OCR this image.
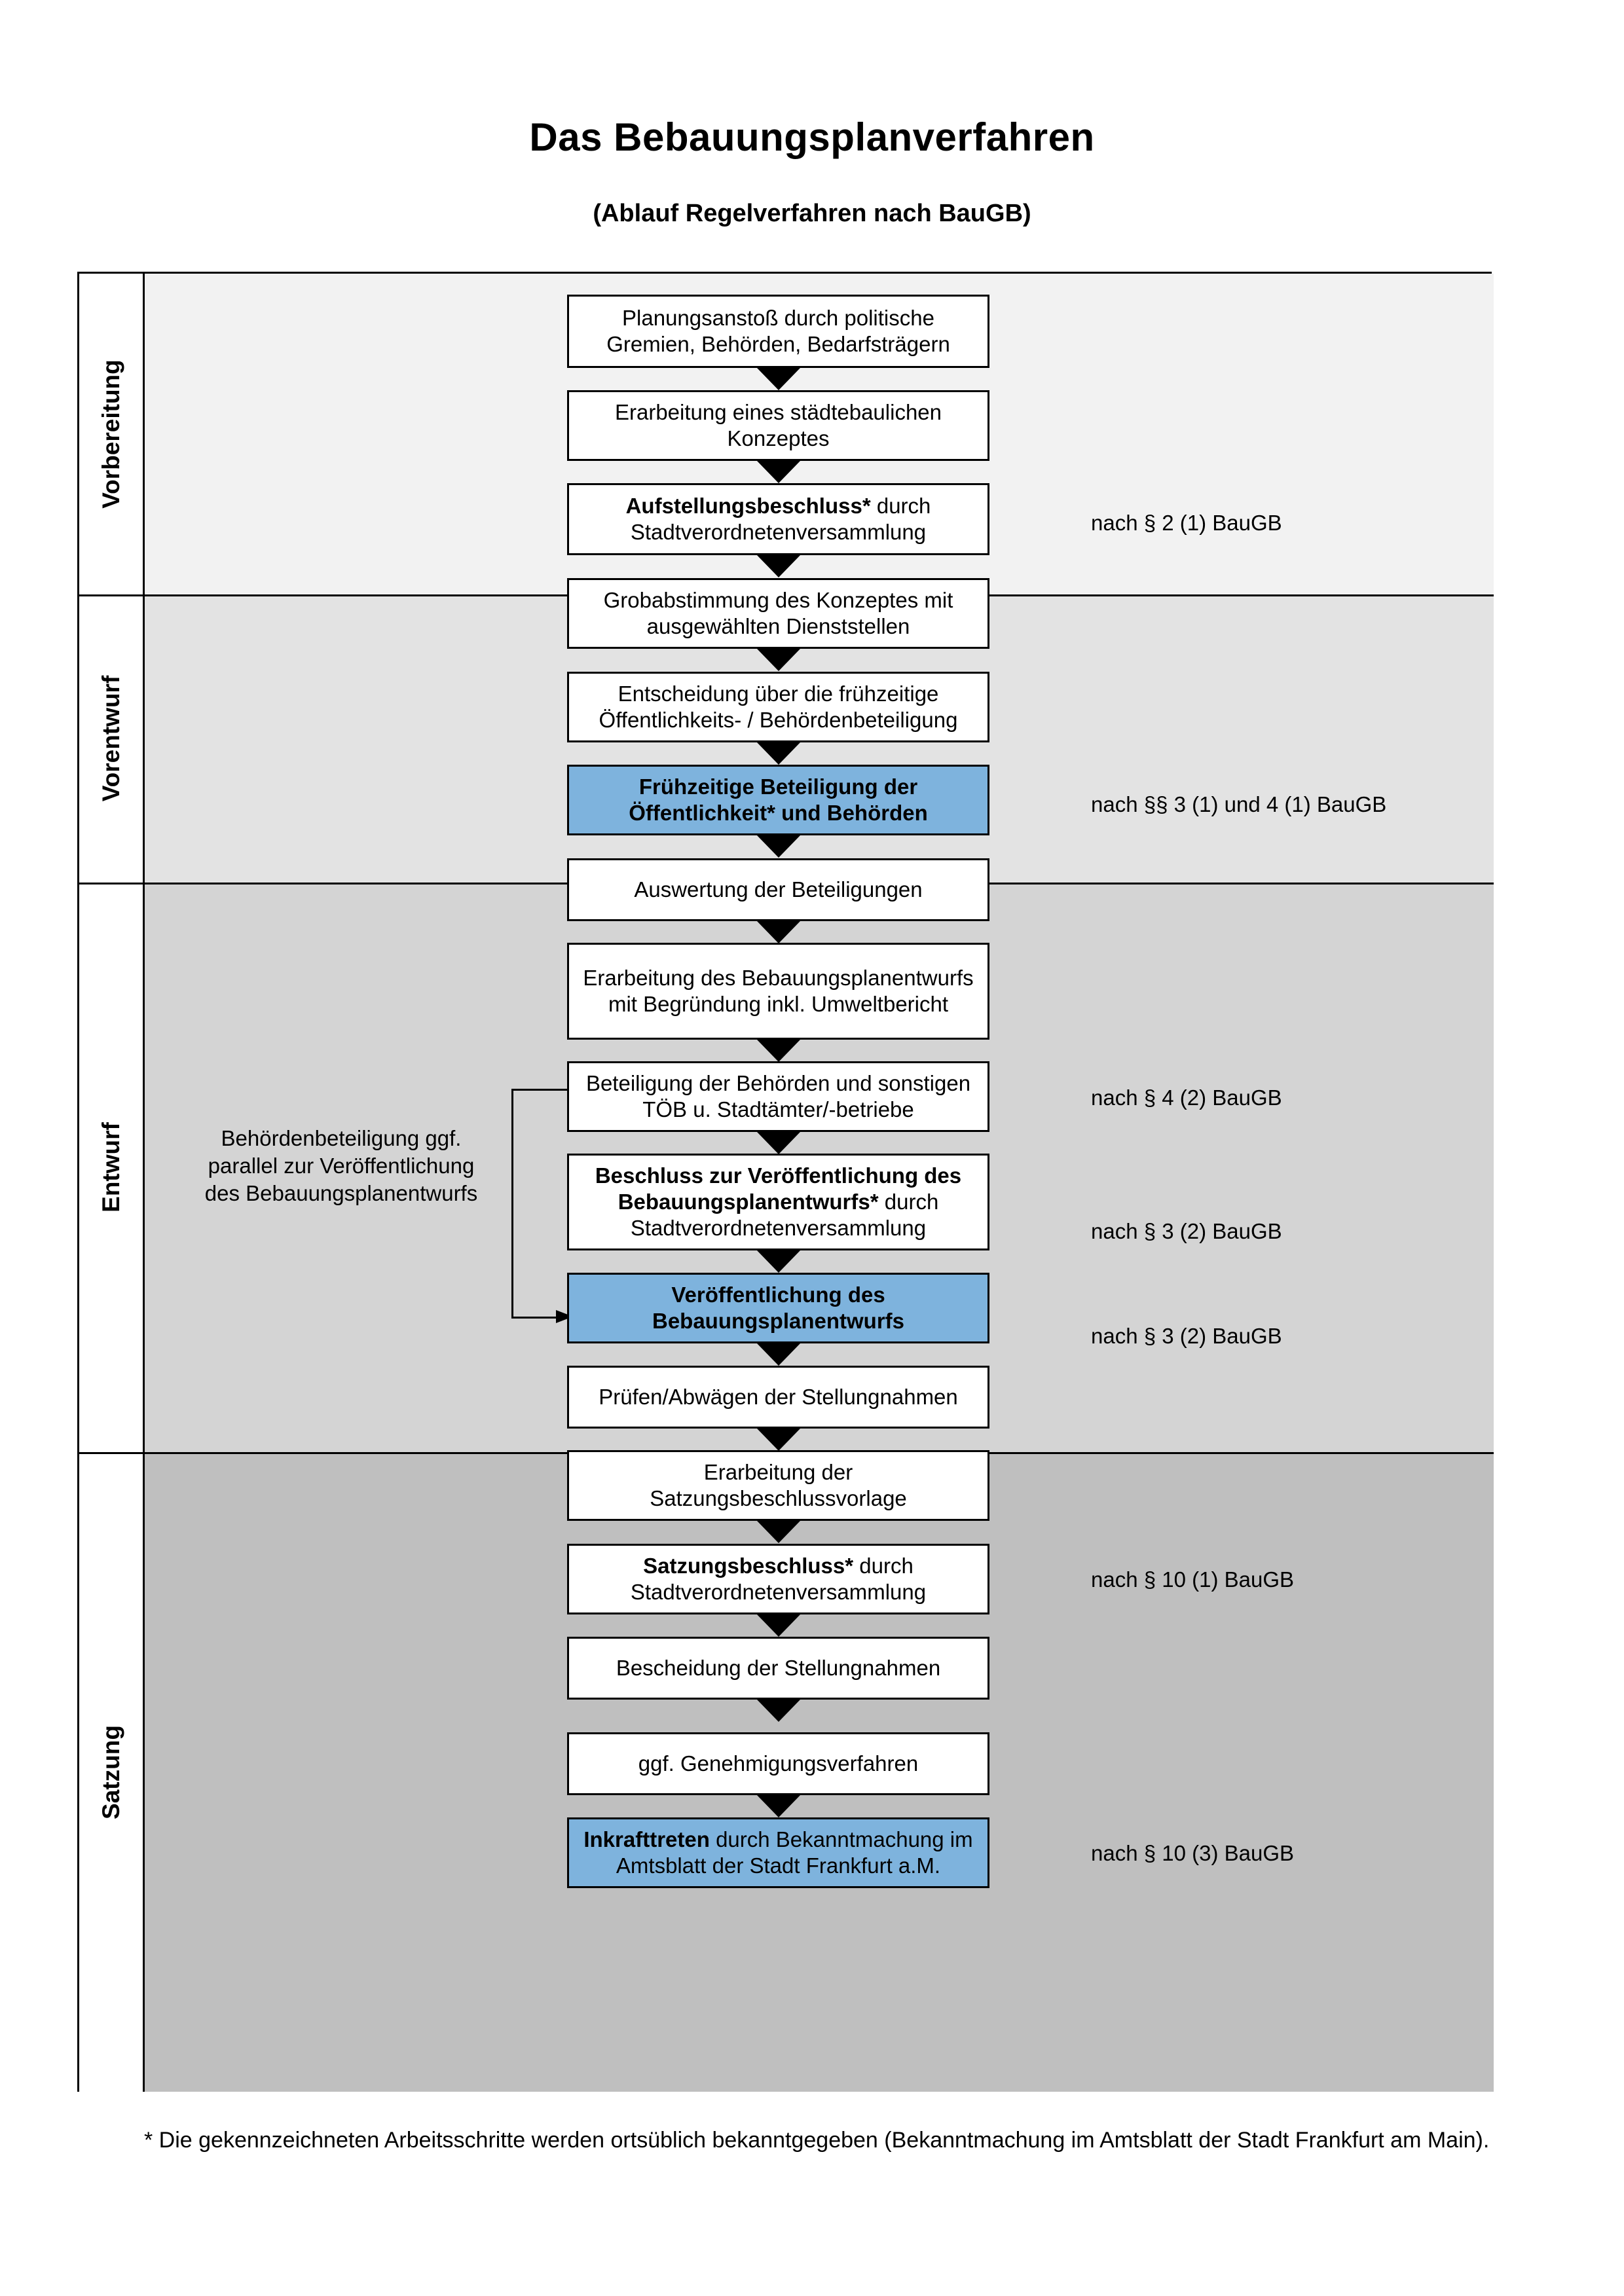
Das Bebauungsplanverfahren
(Ablauf Regelverfahren nach BauGB)
Vorbereitung
Vorentwurf
Entwurf
Satzung
Behördenbeteiligung ggf. parallel zur Veröffentlichung des Bebauungsplanentwurfs
Planungsanstoß durch politische Gremien, Behörden, Bedarfsträgern
Erarbeitung eines städtebaulichen Konzeptes
Aufstellungsbeschluss* durch Stadtverordnetenversammlung
Grobabstimmung des Konzeptes mit ausgewählten Dienststellen
Entscheidung über die frühzeitige Öffentlichkeits- / Behördenbeteiligung
Frühzeitige Beteiligung der Öffentlichkeit* und Behörden
Auswertung der Beteiligungen
Erarbeitung des Bebauungsplanentwurfs mit Begründung inkl. Umweltbericht
Beteiligung der Behörden und sonstigen TÖB u. Stadtämter/-betriebe
Beschluss zur Veröffentlichung des Bebauungsplanentwurfs* durch Stadtverordnetenversammlung
Veröffentlichung des Bebauungsplanentwurfs
Prüfen/Abwägen der Stellungnahmen
Erarbeitung der Satzungsbeschlussvorlage
Satzungsbeschluss* durch Stadtverordnetenversammlung
Bescheidung der Stellungnahmen
ggf. Genehmigungsverfahren
Inkrafttreten durch Bekanntmachung im Amtsblatt der Stadt Frankfurt a.M.
nach § 2 (1) BauGB
nach §§ 3 (1) und 4 (1) BauGB
nach § 4 (2) BauGB
nach § 3 (2) BauGB
nach § 3 (2) BauGB
nach § 10 (1) BauGB
nach § 10 (3) BauGB
* Die gekennzeichneten Arbeitsschritte werden ortsüblich bekanntgegeben (Bekanntmachung im Amtsblatt der Stadt Frankfurt am Main).
